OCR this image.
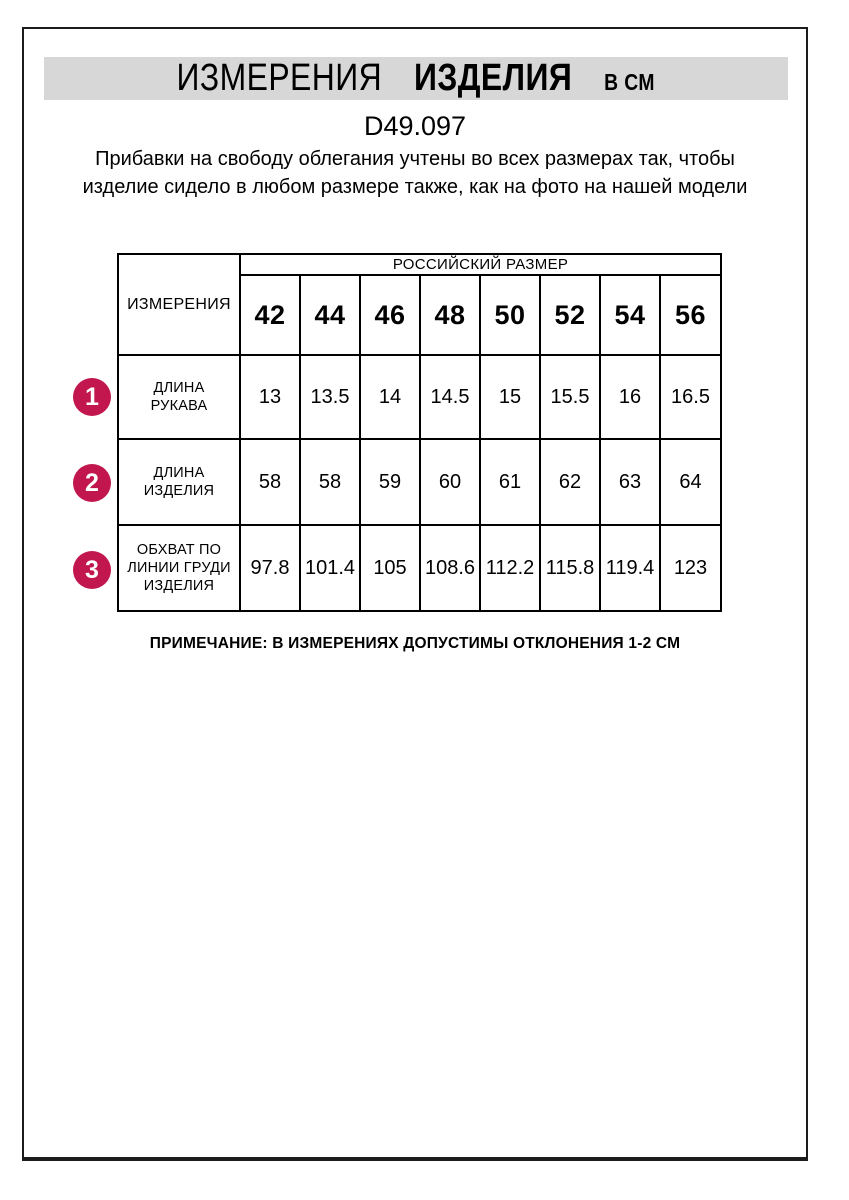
ИЗМЕРЕНИЯ ИЗДЕЛИЯ В СМ
D49.097

Прибавки на свободу облегания учтены во всех размерах так, чтобы изделие сидело в любом размере также, как на фото на нашей модели

1
2
3
ИЗМЕРЕНИЯ	РОССИЙСКИЙ РАЗМЕР							
	42	44	46	48	50	52	54	56
ДЛИНА РУКАВА	13	13.5	14	14.5	15	15.5	16	16.5
ДЛИНА ИЗДЕЛИЯ	58	58	59	60	61	62	63	64
ОБХВАТ ПО ЛИНИИ ГРУДИ ИЗДЕЛИЯ	97.8	101.4	105	108.6	112.2	115.8	119.4	123
ПРИМЕЧАНИЕ: В ИЗМЕРЕНИЯХ ДОПУСТИМЫ ОТКЛОНЕНИЯ 1-2 СМ
